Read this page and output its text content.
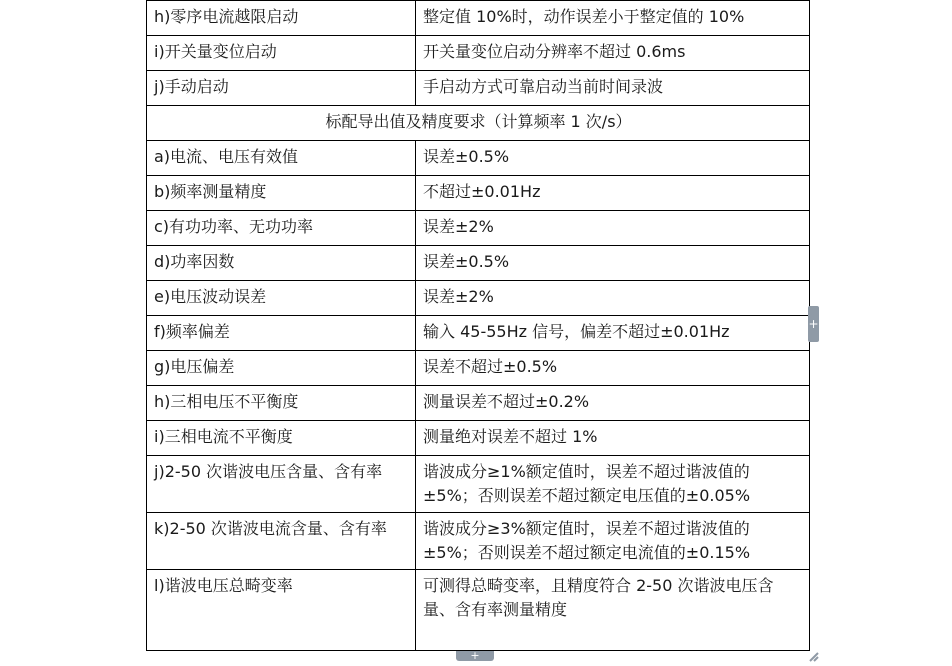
h)零序电流越限启动	整定值 10%时，动作误差小于整定值的 10%
i)开关量变位启动	开关量变位启动分辨率不超过 0.6ms
j)手动启动	手启动方式可靠启动当前时间录波
标配导出值及精度要求（计算频率 1 次/s）	
a)电流、电压有效值	误差±0.5%
b)频率测量精度	不超过±0.01Hz
c)有功功率、无功功率	误差±2%
d)功率因数	误差±0.5%
e)电压波动误差	误差±2%
f)频率偏差	输入 45-55Hz 信号，偏差不超过±0.01Hz
g)电压偏差	误差不超过±0.5%
h)三相电压不平衡度	测量误差不超过±0.2%
i)三相电流不平衡度	测量绝对误差不超过 1%
j)2-50 次谐波电压含量、含有率	谐波成分≥1%额定值时，误差不超过谐波值的±5%；否则误差不超过额定电压值的±0.05%
k)2-50 次谐波电流含量、含有率	谐波成分≥3%额定值时，误差不超过谐波值的±5%；否则误差不超过额定电流值的±0.15%
l)谐波电压总畸变率	可测得总畸变率，且精度符合 2-50 次谐波电压含量、含有率测量精度
+
+
